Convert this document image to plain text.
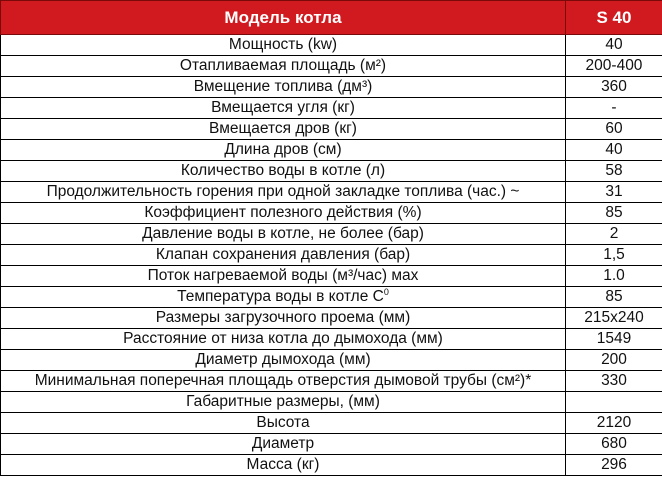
Модель котла	S 40
Мощность (kw)	40
Отапливаемая площадь (м²)	200-400
Вмещение топлива (дм³)	360
Вмещается угля (кг)	-
Вмещается дров (кг)	60
Длина дров (см)	40
Количество воды в котле (л)	58
Продолжительность горения при одной закладке топлива (час.) ~	31
Коэффициент полезного действия (%)	85
Давление воды в котле, не более (бар)	2
Клапан сохранения давления (бар)	1,5
Поток нагреваемой воды (м³/час) мах	1.0
Температура воды в котле $C^0$	85
Размеры загрузочного проема (мм)	215x240
Расстояние от низа котла до дымохода (мм)	1549
Диаметр дымохода (мм)	200
Минимальная поперечная площадь отверстия дымовой трубы (см²)*	330
Габаритные размеры, (мм)	
Высота	2120
Диаметр	680
Масса (кг)	296
